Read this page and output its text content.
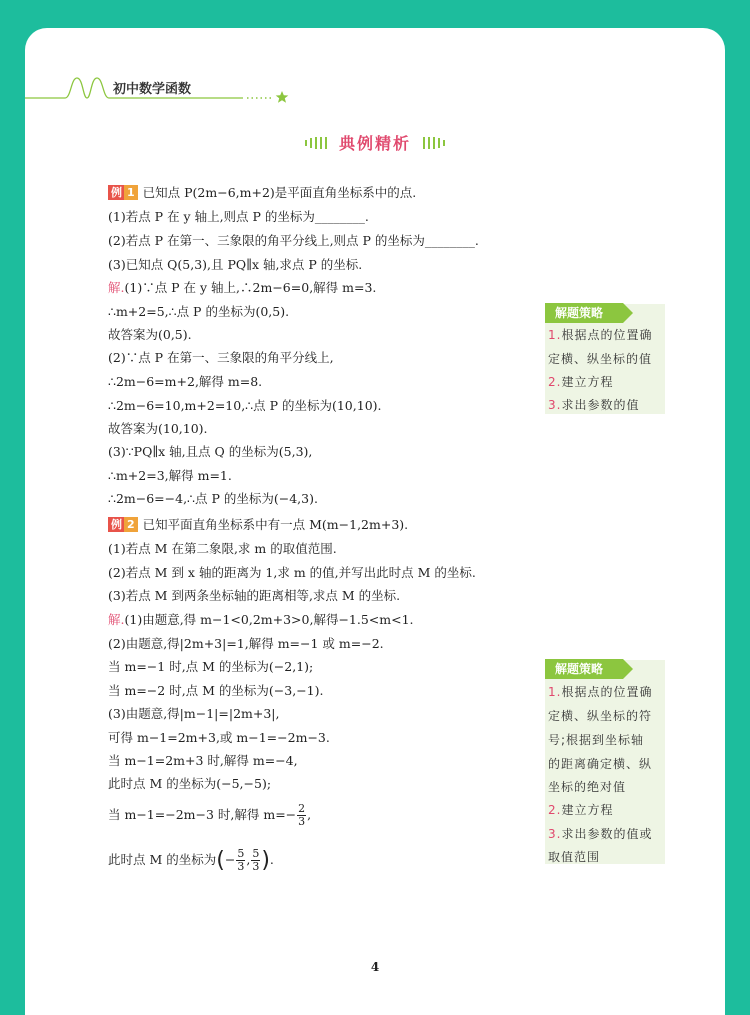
初中数学函数
典例精析
例 1 已知点 P(2m−6,m+2)是平面直角坐标系中的点.
(1)若点 P 在 y 轴上,则点 P 的坐标为________.
(2)若点 P 在第一、三象限的角平分线上,则点 P 的坐标为________.
(3)已知点 Q(5,3),且 PQ∥x 轴,求点 P 的坐标.
解.(1)∵点 P 在 y 轴上,∴2m−6=0,解得 m=3.
∴m+2=5,∴点 P 的坐标为(0,5).
故答案为(0,5).
(2)∵点 P 在第一、三象限的角平分线上,
∴2m−6=m+2,解得 m=8.
∴2m−6=10,m+2=10,∴点 P 的坐标为(10,10).
故答案为(10,10).
(3)∵PQ∥x 轴,且点 Q 的坐标为(5,3),
∴m+2=3,解得 m=1.
∴2m−6=−4,∴点 P 的坐标为(−4,3).
例 2 已知平面直角坐标系中有一点 M(m−1,2m+3).
(1)若点 M 在第二象限,求 m 的取值范围.
(2)若点 M 到 x 轴的距离为 1,求 m 的值,并写出此时点 M 的坐标.
(3)若点 M 到两条坐标轴的距离相等,求点 M 的坐标.
解.(1)由题意,得 m−1<0,2m+3>0,解得−1.5<m<1.
(2)由题意,得|2m+3|=1,解得 m=−1 或 m=−2.
当 m=−1 时,点 M 的坐标为(−2,1);
当 m=−2 时,点 M 的坐标为(−3,−1).
(3)由题意,得|m−1|=|2m+3|,
可得 m−1=2m+3,或 m−1=−2m−3.
当 m−1=2m+3 时,解得 m=−4,
此时点 M 的坐标为(−5,−5);
当 m−1=−2m−3 时,解得 $m=- \frac{2}{3}$ ,
此时点 M 的坐标为(− $\frac{5}{3}$ , $\frac{5}{3}$ ).
解题策略
1.根据点的位置确
定横、纵坐标的值
2.建立方程
3.求出参数的值
解题策略
1.根据点的位置确
定横、纵坐标的符
号;根据到坐标轴
的距离确定横、纵
坐标的绝对值
2.建立方程
3.求出参数的值或
取值范围
4
